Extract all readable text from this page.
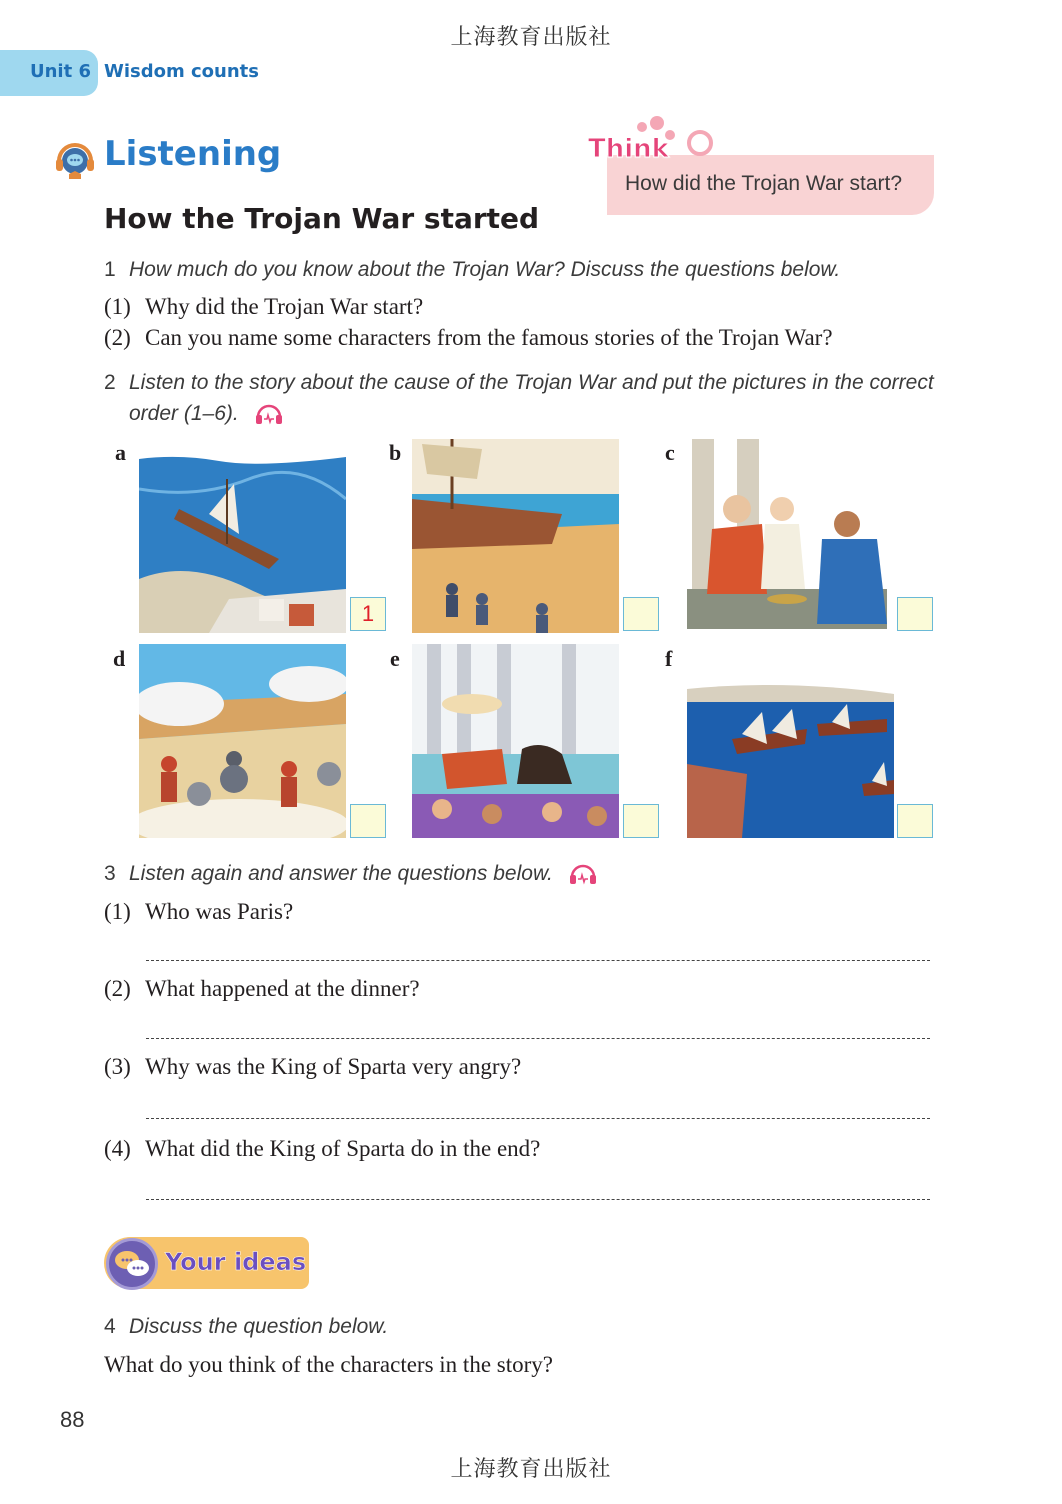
上海教育出版社
Unit 6 Wisdom counts
Listening	Think
How did the Trojan War start?
How the Trojan War started
1 How much do you know about the Trojan War? Discuss the questions below.
(1) Why did the Trojan War start?
(2) Can you name some characters from the famous stories of the Trojan War?
2 Listen to the story about the cause of the Trojan War and put the pictures in the correct
order (1–6).
a
1
b	c
d	e	f
3 Listen again and answer the questions below.
(1) Who was Paris?
(2) What happened at the dinner?
(3) Why was the King of Sparta very angry?
(4) What did the King of Sparta do in the end?
Your ideas
4 Discuss the question below.
What do you think of the characters in the story?
88
上海教育出版社
